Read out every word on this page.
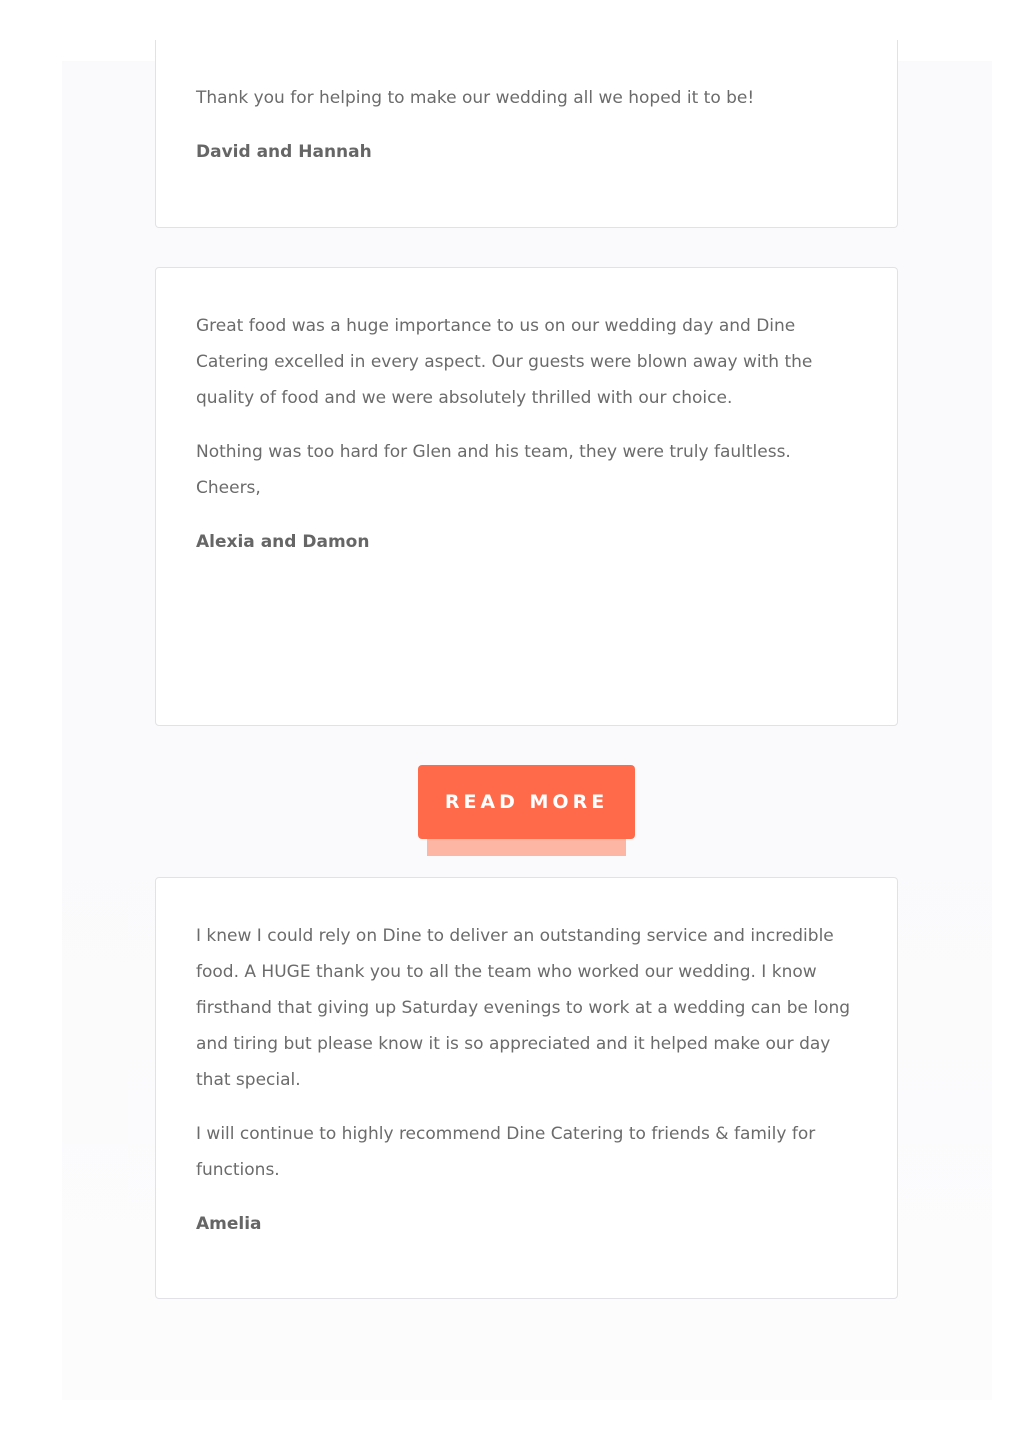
Thank you for helping to make our wedding all we hoped it to be!

David and Hannah

Great food was a huge importance to us on our wedding day and Dine Catering excelled in every aspect. Our guests were blown away with the quality of food and we were absolutely thrilled with our choice.

Nothing was too hard for Glen and his team, they were truly faultless.

Cheers,

Alexia and Damon

READ MORE

I knew I could rely on Dine to deliver an outstanding service and incredible food. A HUGE thank you to all the team who worked our wedding. I know firsthand that giving up Saturday evenings to work at a wedding can be long and tiring but please know it is so appreciated and it helped make our day that special.

I will continue to highly recommend Dine Catering to friends & family for functions.

Amelia
